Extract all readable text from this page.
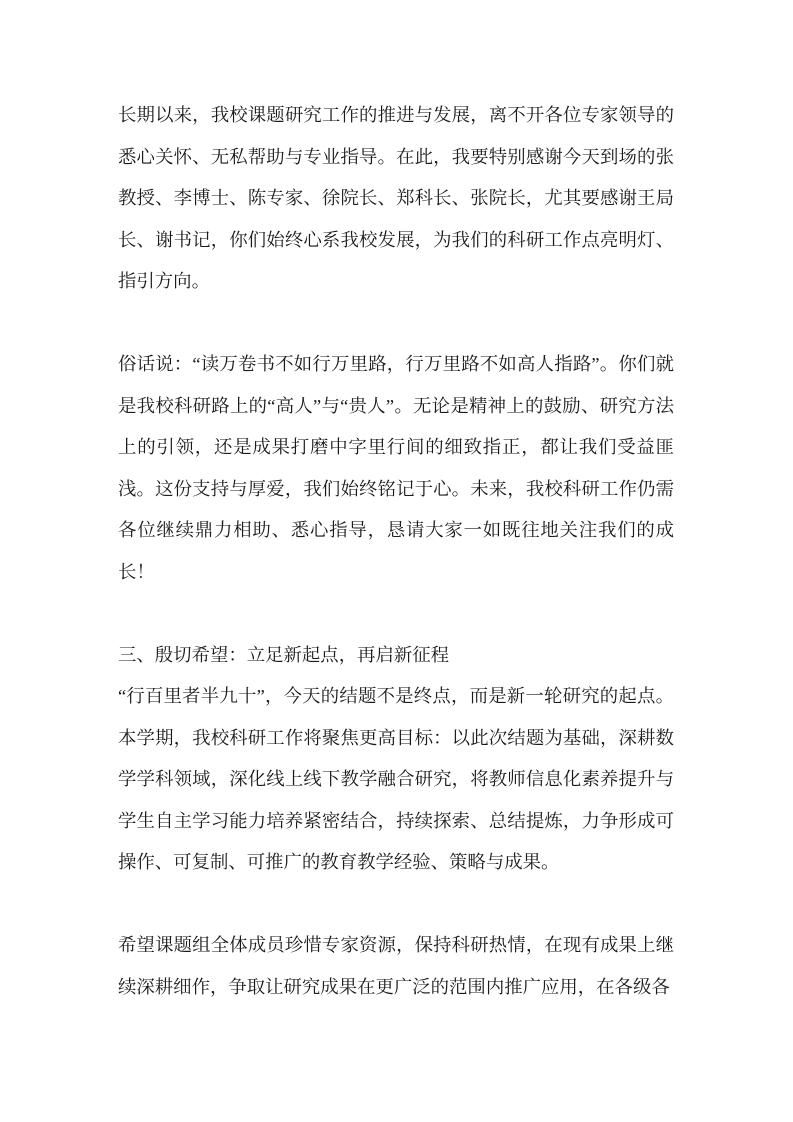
长期以来，我校课题研究工作的推进与发展，离不开各位专家领导的悉心关怀、无私帮助与专业指导。在此，我要特别感谢今天到场的张教授、李博士、陈专家、徐院长、郑科长、张院长，尤其要感谢王局长、谢书记，你们始终心系我校发展，为我们的科研工作点亮明灯、指引方向。

俗话说：“读万卷书不如行万里路，行万里路不如高人指路”。你们就是我校科研路上的“高人”与“贵人”。无论是精神上的鼓励、研究方法上的引领，还是成果打磨中字里行间的细致指正，都让我们受益匪浅。这份支持与厚爱，我们始终铭记于心。未来，我校科研工作仍需各位继续鼎力相助、悉心指导，恳请大家一如既往地关注我们的成长！

三、殷切希望：立足新起点，再启新征程

“行百里者半九十”，今天的结题不是终点，而是新一轮研究的起点。本学期，我校科研工作将聚焦更高目标：以此次结题为基础，深耕数学学科领域，深化线上线下教学融合研究，将教师信息化素养提升与学生自主学习能力培养紧密结合，持续探索、总结提炼，力争形成可操作、可复制、可推广的教育教学经验、策略与成果。

希望课题组全体成员珍惜专家资源，保持科研热情，在现有成果上继续深耕细作，争取让研究成果在更广泛的范围内推广应用，在各级各
